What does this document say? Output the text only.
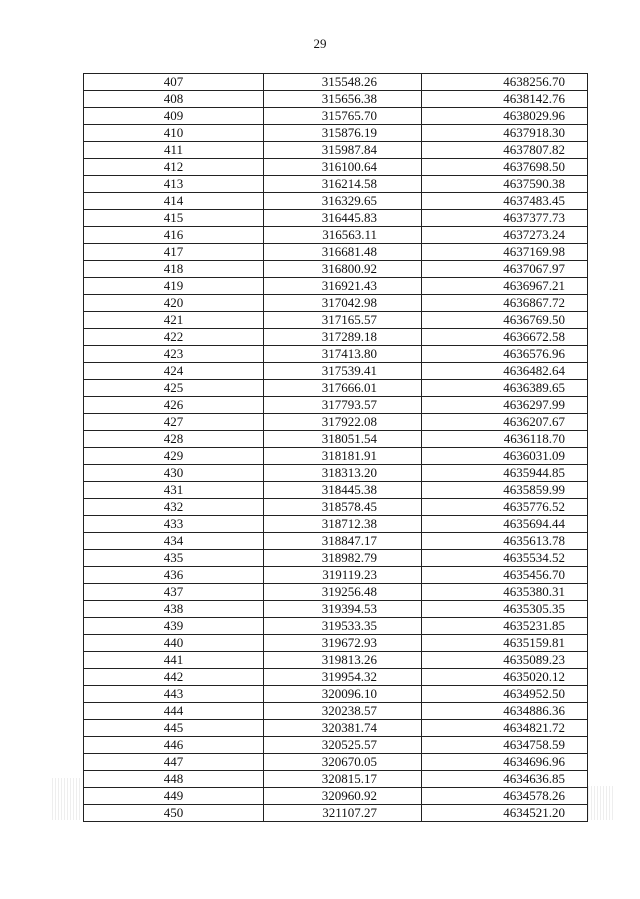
29
407	315548.26	4638256.70
408	315656.38	4638142.76
409	315765.70	4638029.96
410	315876.19	4637918.30
411	315987.84	4637807.82
412	316100.64	4637698.50
413	316214.58	4637590.38
414	316329.65	4637483.45
415	316445.83	4637377.73
416	316563.11	4637273.24
417	316681.48	4637169.98
418	316800.92	4637067.97
419	316921.43	4636967.21
420	317042.98	4636867.72
421	317165.57	4636769.50
422	317289.18	4636672.58
423	317413.80	4636576.96
424	317539.41	4636482.64
425	317666.01	4636389.65
426	317793.57	4636297.99
427	317922.08	4636207.67
428	318051.54	4636118.70
429	318181.91	4636031.09
430	318313.20	4635944.85
431	318445.38	4635859.99
432	318578.45	4635776.52
433	318712.38	4635694.44
434	318847.17	4635613.78
435	318982.79	4635534.52
436	319119.23	4635456.70
437	319256.48	4635380.31
438	319394.53	4635305.35
439	319533.35	4635231.85
440	319672.93	4635159.81
441	319813.26	4635089.23
442	319954.32	4635020.12
443	320096.10	4634952.50
444	320238.57	4634886.36
445	320381.74	4634821.72
446	320525.57	4634758.59
447	320670.05	4634696.96
448	320815.17	4634636.85
449	320960.92	4634578.26
450	321107.27	4634521.20
